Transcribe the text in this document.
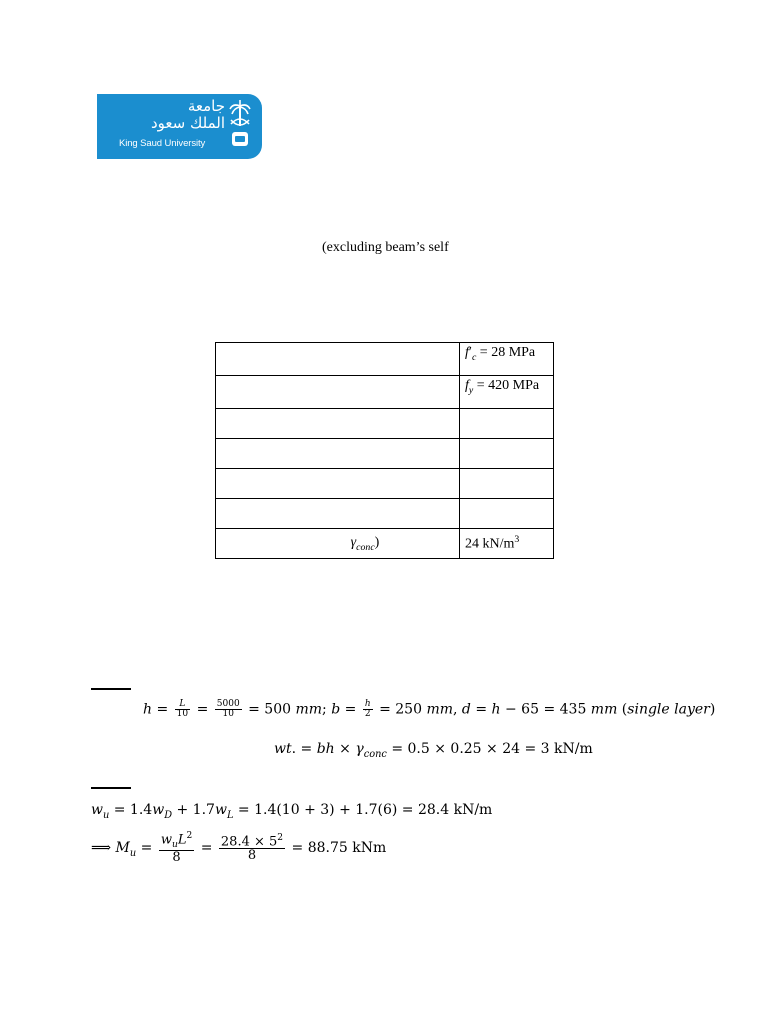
جامعة
الملك سعود
King Saud University
(excluding beam’s self
	$f'_c = 28$ MPa
	$f_y = 420$ MPa

$\gamma_{conc}$)	24 $kN/m^3$
$h = \frac{L}{10} = \frac{5000}{10} = 500$ mm; $b = \frac{h}{2} = 250$ mm, d = h − 65 = 435 mm (single layer)
wt. = bh × $\gamma_{conc} = 0.5 \times 0.25 \times 24 = 3$ kN/m
$w_u = 1.4w_D + 1.7w_L = 1.4(10 + 3) + 1.7(6) = 28.4$ kN/m
⟹ $M_u = \frac{w_uL^2}{8} = \frac{28.4 \times 5^2}{8} = 88.75$ kNm
